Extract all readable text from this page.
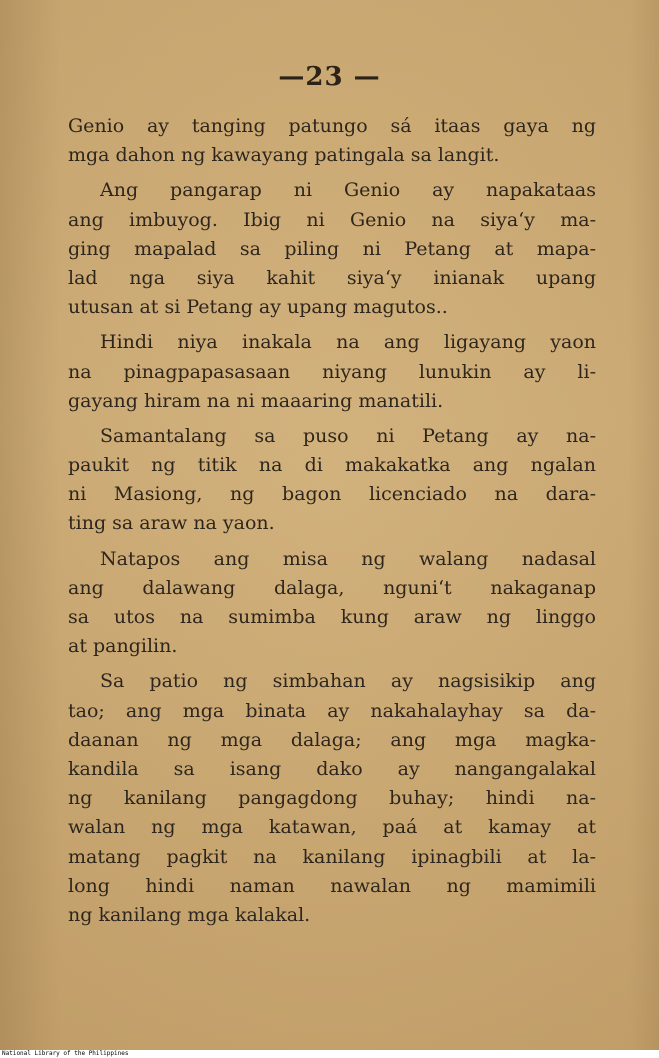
—23 —
Genio ay tanging patungo sá itaas gaya ng
mga dahon ng kawayang patingala sa langit.
Ang pangarap ni Genio ay napakataas
ang imbuyog. Ibig ni Genio na siya‘y ma-
ging mapalad sa piling ni Petang at mapa-
lad nga siya kahit siya‘y inianak upang
utusan at si Petang ay upang magutos..
Hindi niya inakala na ang ligayang yaon
na pinagpapasasaan niyang lunukin ay li-
gayang hiram na ni maaaring manatili.
Samantalang sa puso ni Petang ay na-
paukit ng titik na di makakatka ang ngalan
ni Masiong, ng bagon licenciado na dara-
ting sa araw na yaon.
Natapos ang misa ng walang nadasal
ang dalawang dalaga, nguni‘t nakaganap
sa utos na sumimba kung araw ng linggo
at pangilin.
Sa patio ng simbahan ay nagsisikip ang
tao; ang mga binata ay nakahalayhay sa da-
daanan ng mga dalaga; ang mga magka-
kandila sa isang dako ay nangangalakal
ng kanilang pangagdong buhay; hindi na-
walan ng mga katawan, paá at kamay at
matang pagkit na kanilang ipinagbili at la-
long hindi naman nawalan ng mamimili
ng kanilang mga kalakal.
National Library of the Philippines
